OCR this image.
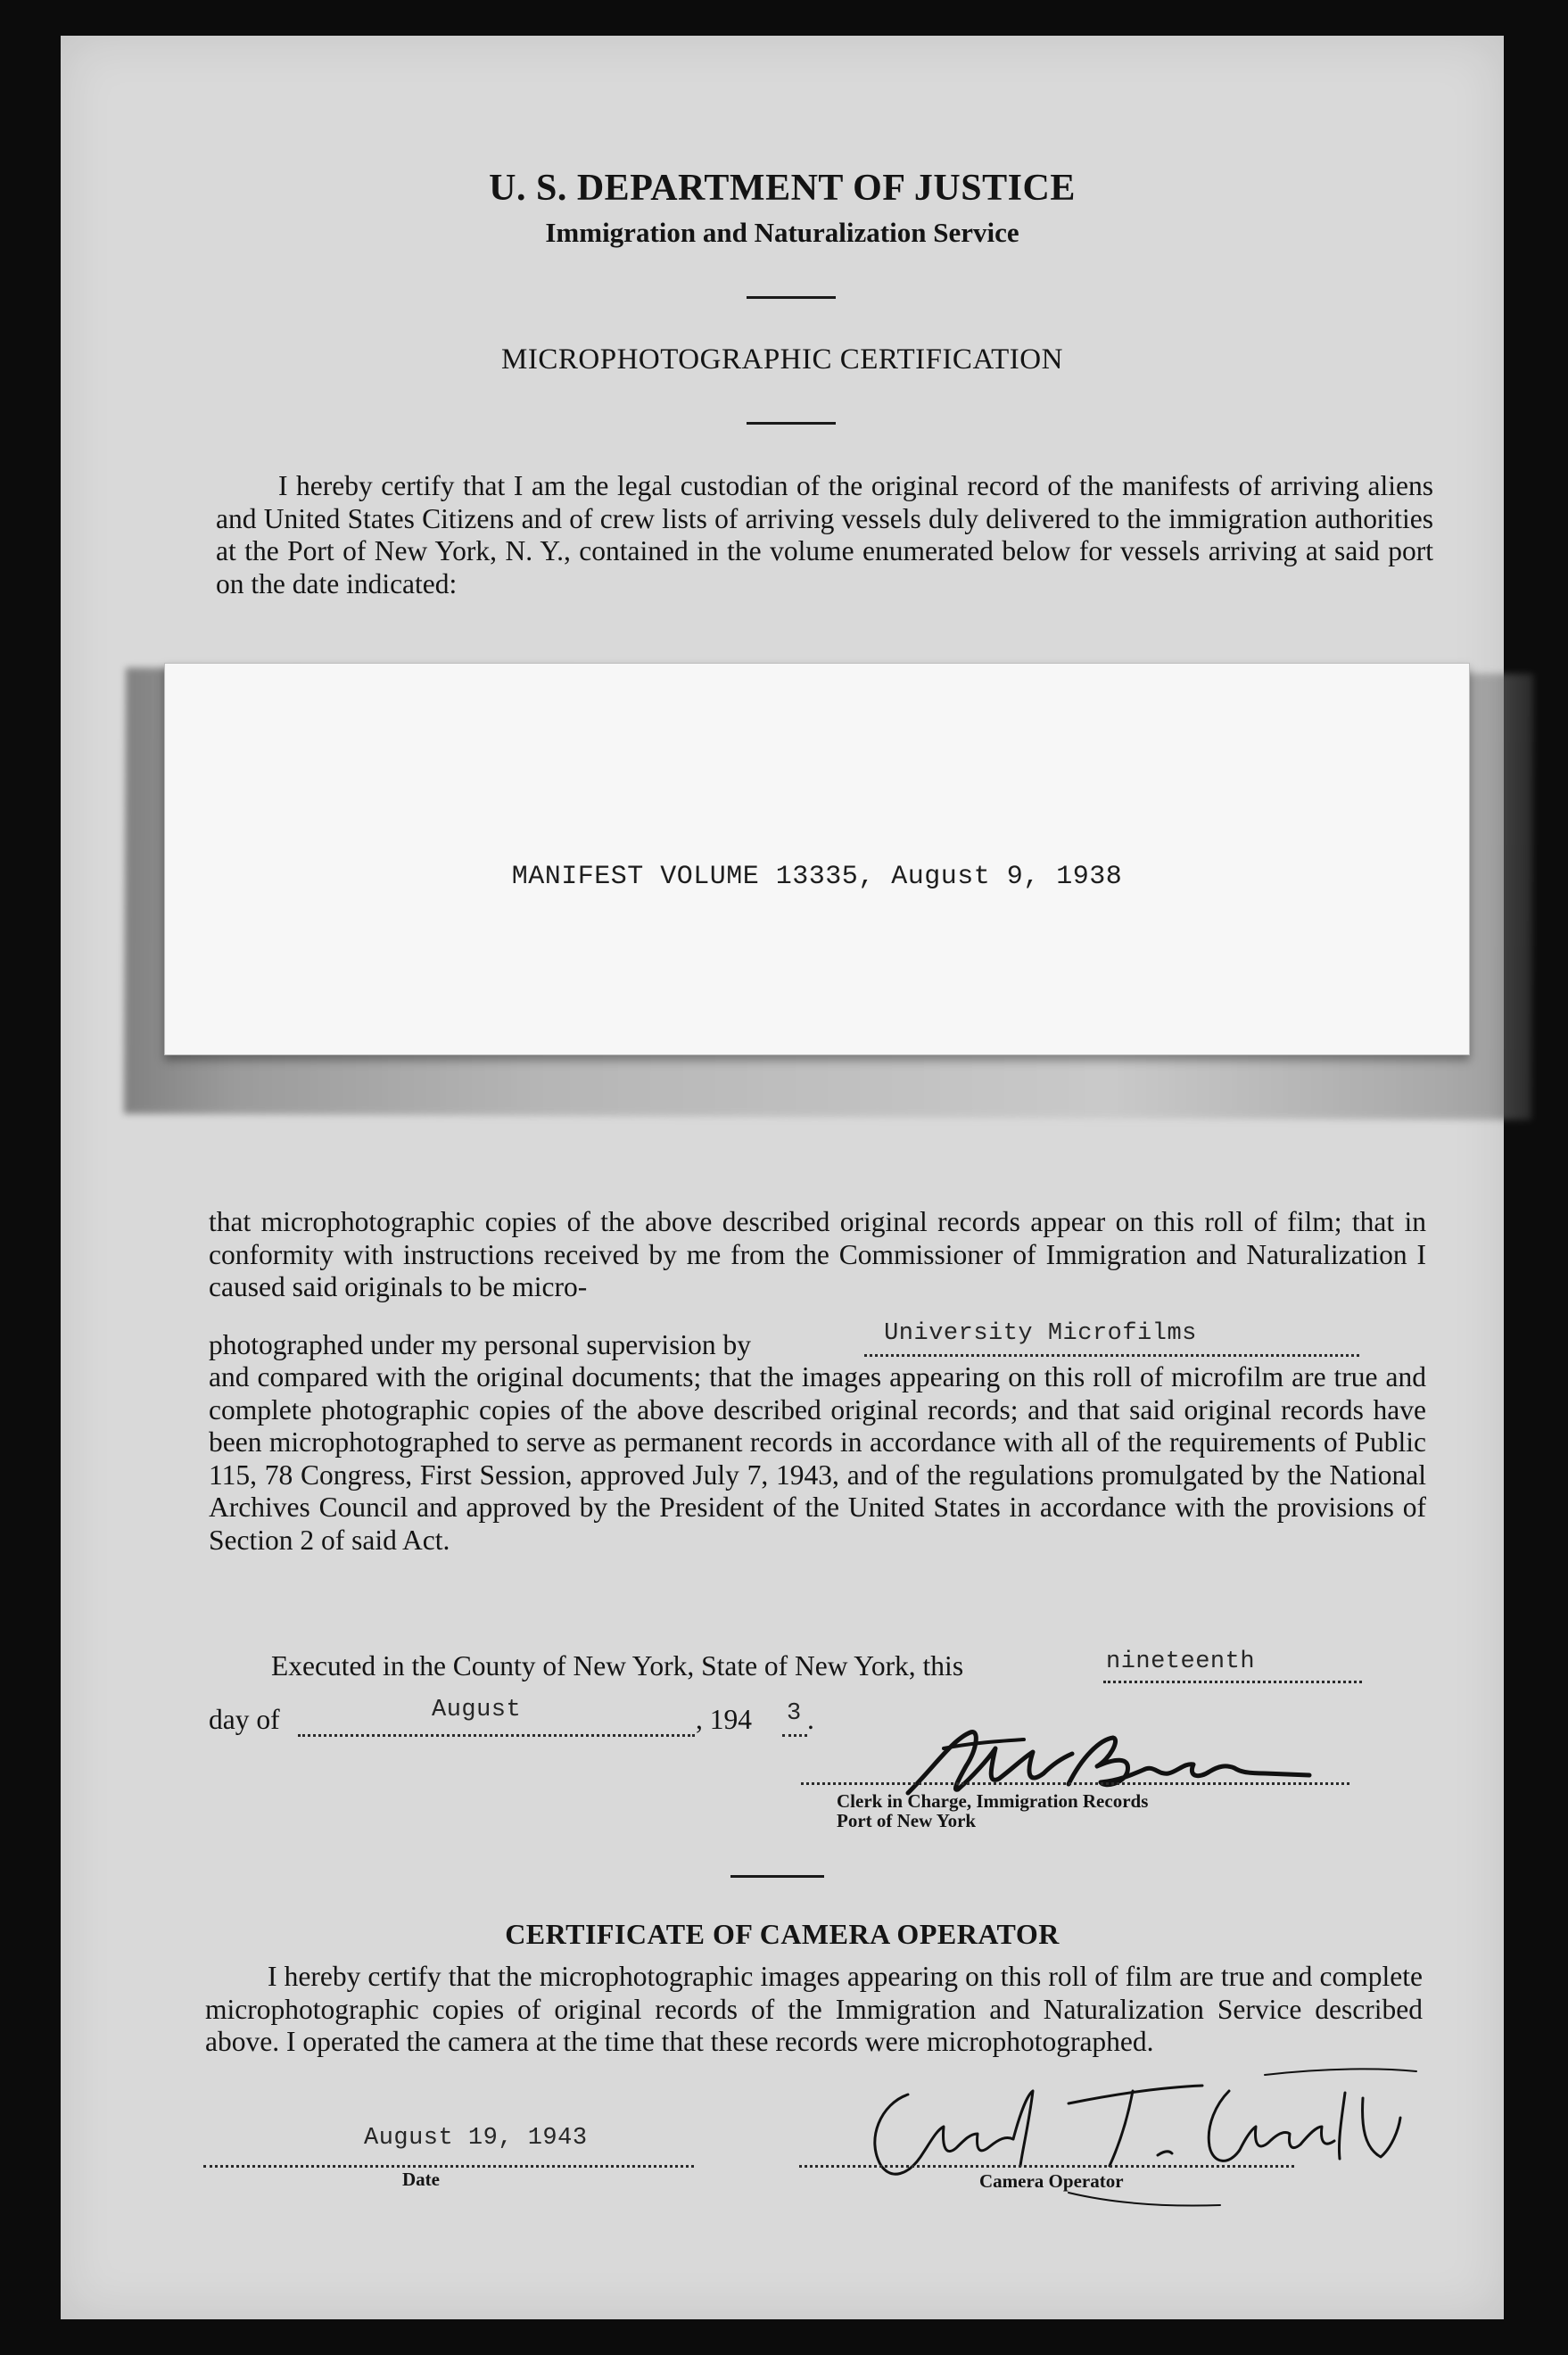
U. S. DEPARTMENT OF JUSTICE
Immigration and Naturalization Service
MICROPHOTOGRAPHIC CERTIFICATION
I hereby certify that I am the legal custodian of the original record of the manifests of arriving aliens and United States Citizens and of crew lists of arriving vessels duly delivered to the immigration authorities at the Port of New York, N. Y., contained in the volume enumerated below for vessels arriving at said port on the date indicated:
MANIFEST VOLUME 13335, August 9, 1938
that microphotographic copies of the above described original records appear on this roll of film; that in conformity with instructions received by me from the Commissioner of Immigration and Naturalization I caused said originals to be micro-
photographed under my personal supervision by	University Microfilms
and compared with the original documents; that the images appearing on this roll of microfilm are true and complete photographic copies of the above described original records; and that said original records have been microphotographed to serve as permanent records in accordance with all of the requirements of Public 115, 78 Congress, First Session, approved July 7, 1943, and of the regulations promulgated by the National Archives Council and approved by the President of the United States in accordance with the provisions of Section 2 of said Act.
Executed in the County of New York, State of New York, this	nineteenth
day of	August	, 194 3 .
Clerk in Charge, Immigration Records
Port of New York
CERTIFICATE OF CAMERA OPERATOR
I hereby certify that the microphotographic images appearing on this roll of film are true and complete microphotographic copies of original records of the Immigration and Naturalization Service described above. I operated the camera at the time that these records were microphotographed.
August 19, 1943
Date	Camera Operator
